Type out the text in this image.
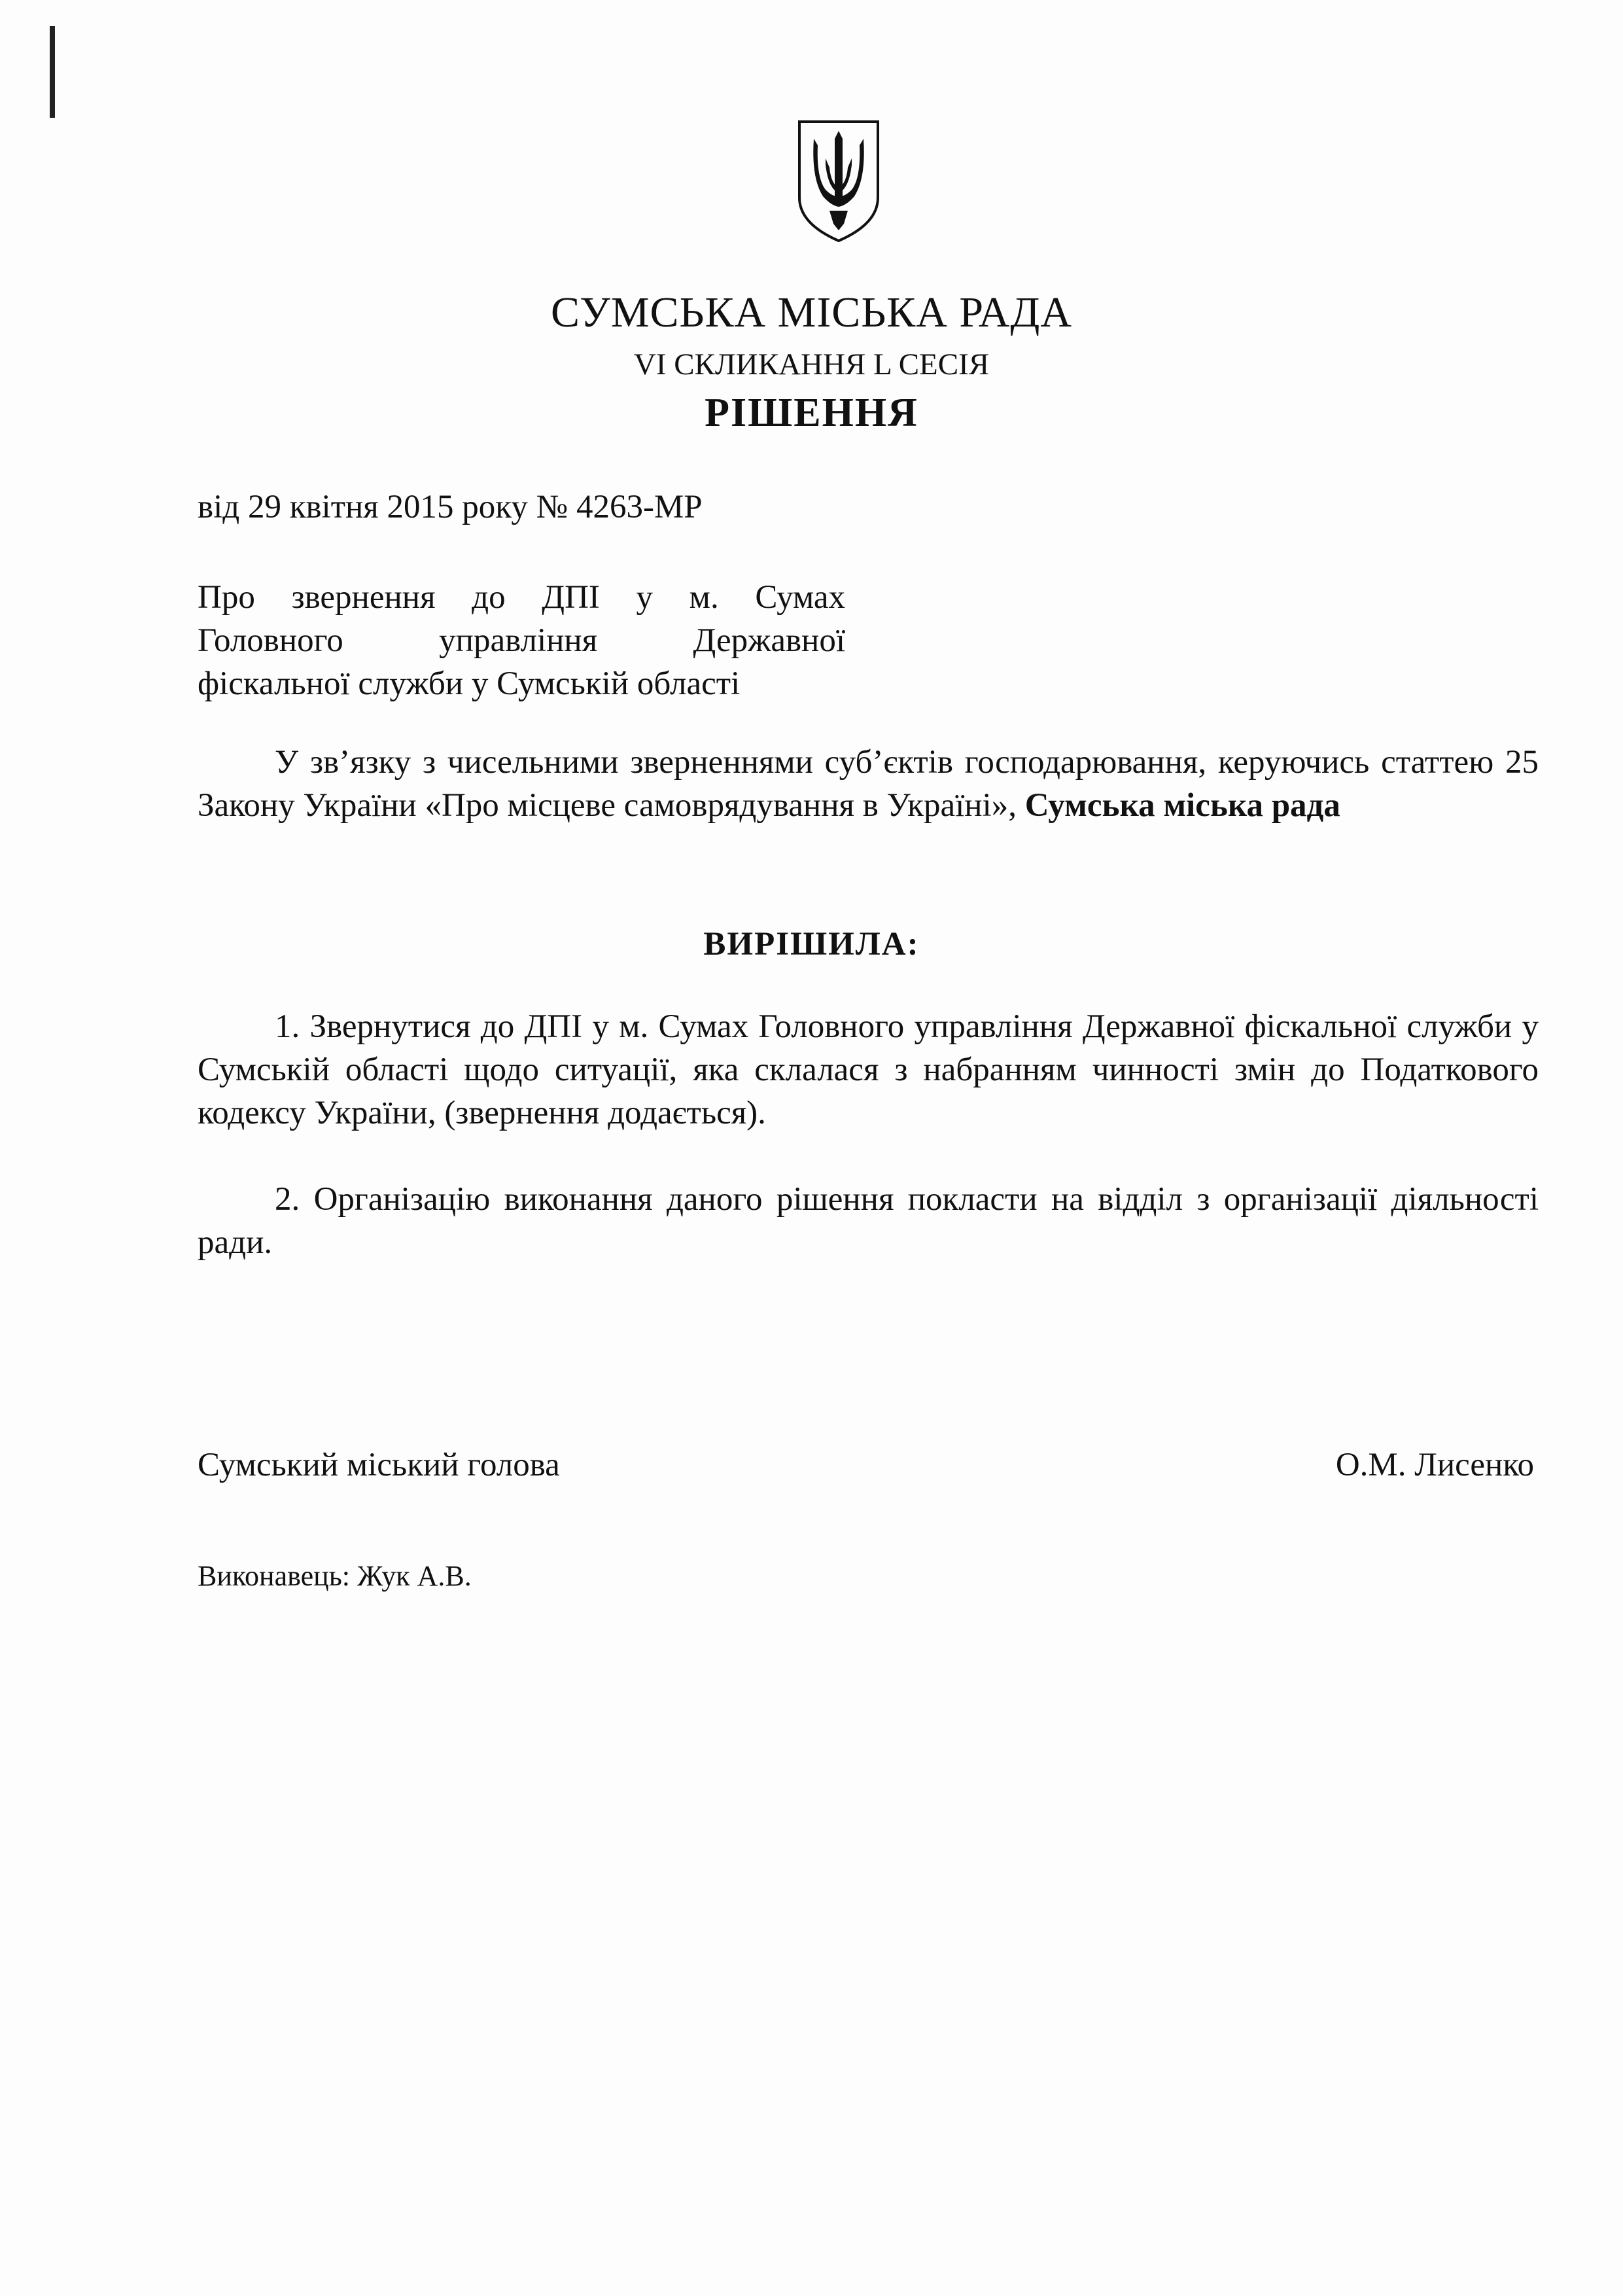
СУМСЬКА МІСЬКА РАДА
VI СКЛИКАННЯ L СЕСІЯ
РІШЕННЯ
від 29 квітня 2015 року № 4263-МР
Про звернення до ДПІ у м. Сумах
Головного управління Державної
фіскальної служби у Сумській області
У зв’язку з чисельними зверненнями суб’єктів господарювання, керуючись статтею 25 Закону України «Про місцеве самоврядування в Україні», Сумська міська рада
ВИРІШИЛА:
1. Звернутися до ДПІ у м. Сумах Головного управління Державної фіскальної служби у Сумській області щодо ситуації, яка склалася з набранням чинності змін до Податкового кодексу України, (звернення додається).
2. Організацію виконання даного рішення покласти на відділ з організації діяльності ради.
Сумський міський голова	О.М. Лисенко
Виконавець: Жук А.В.
